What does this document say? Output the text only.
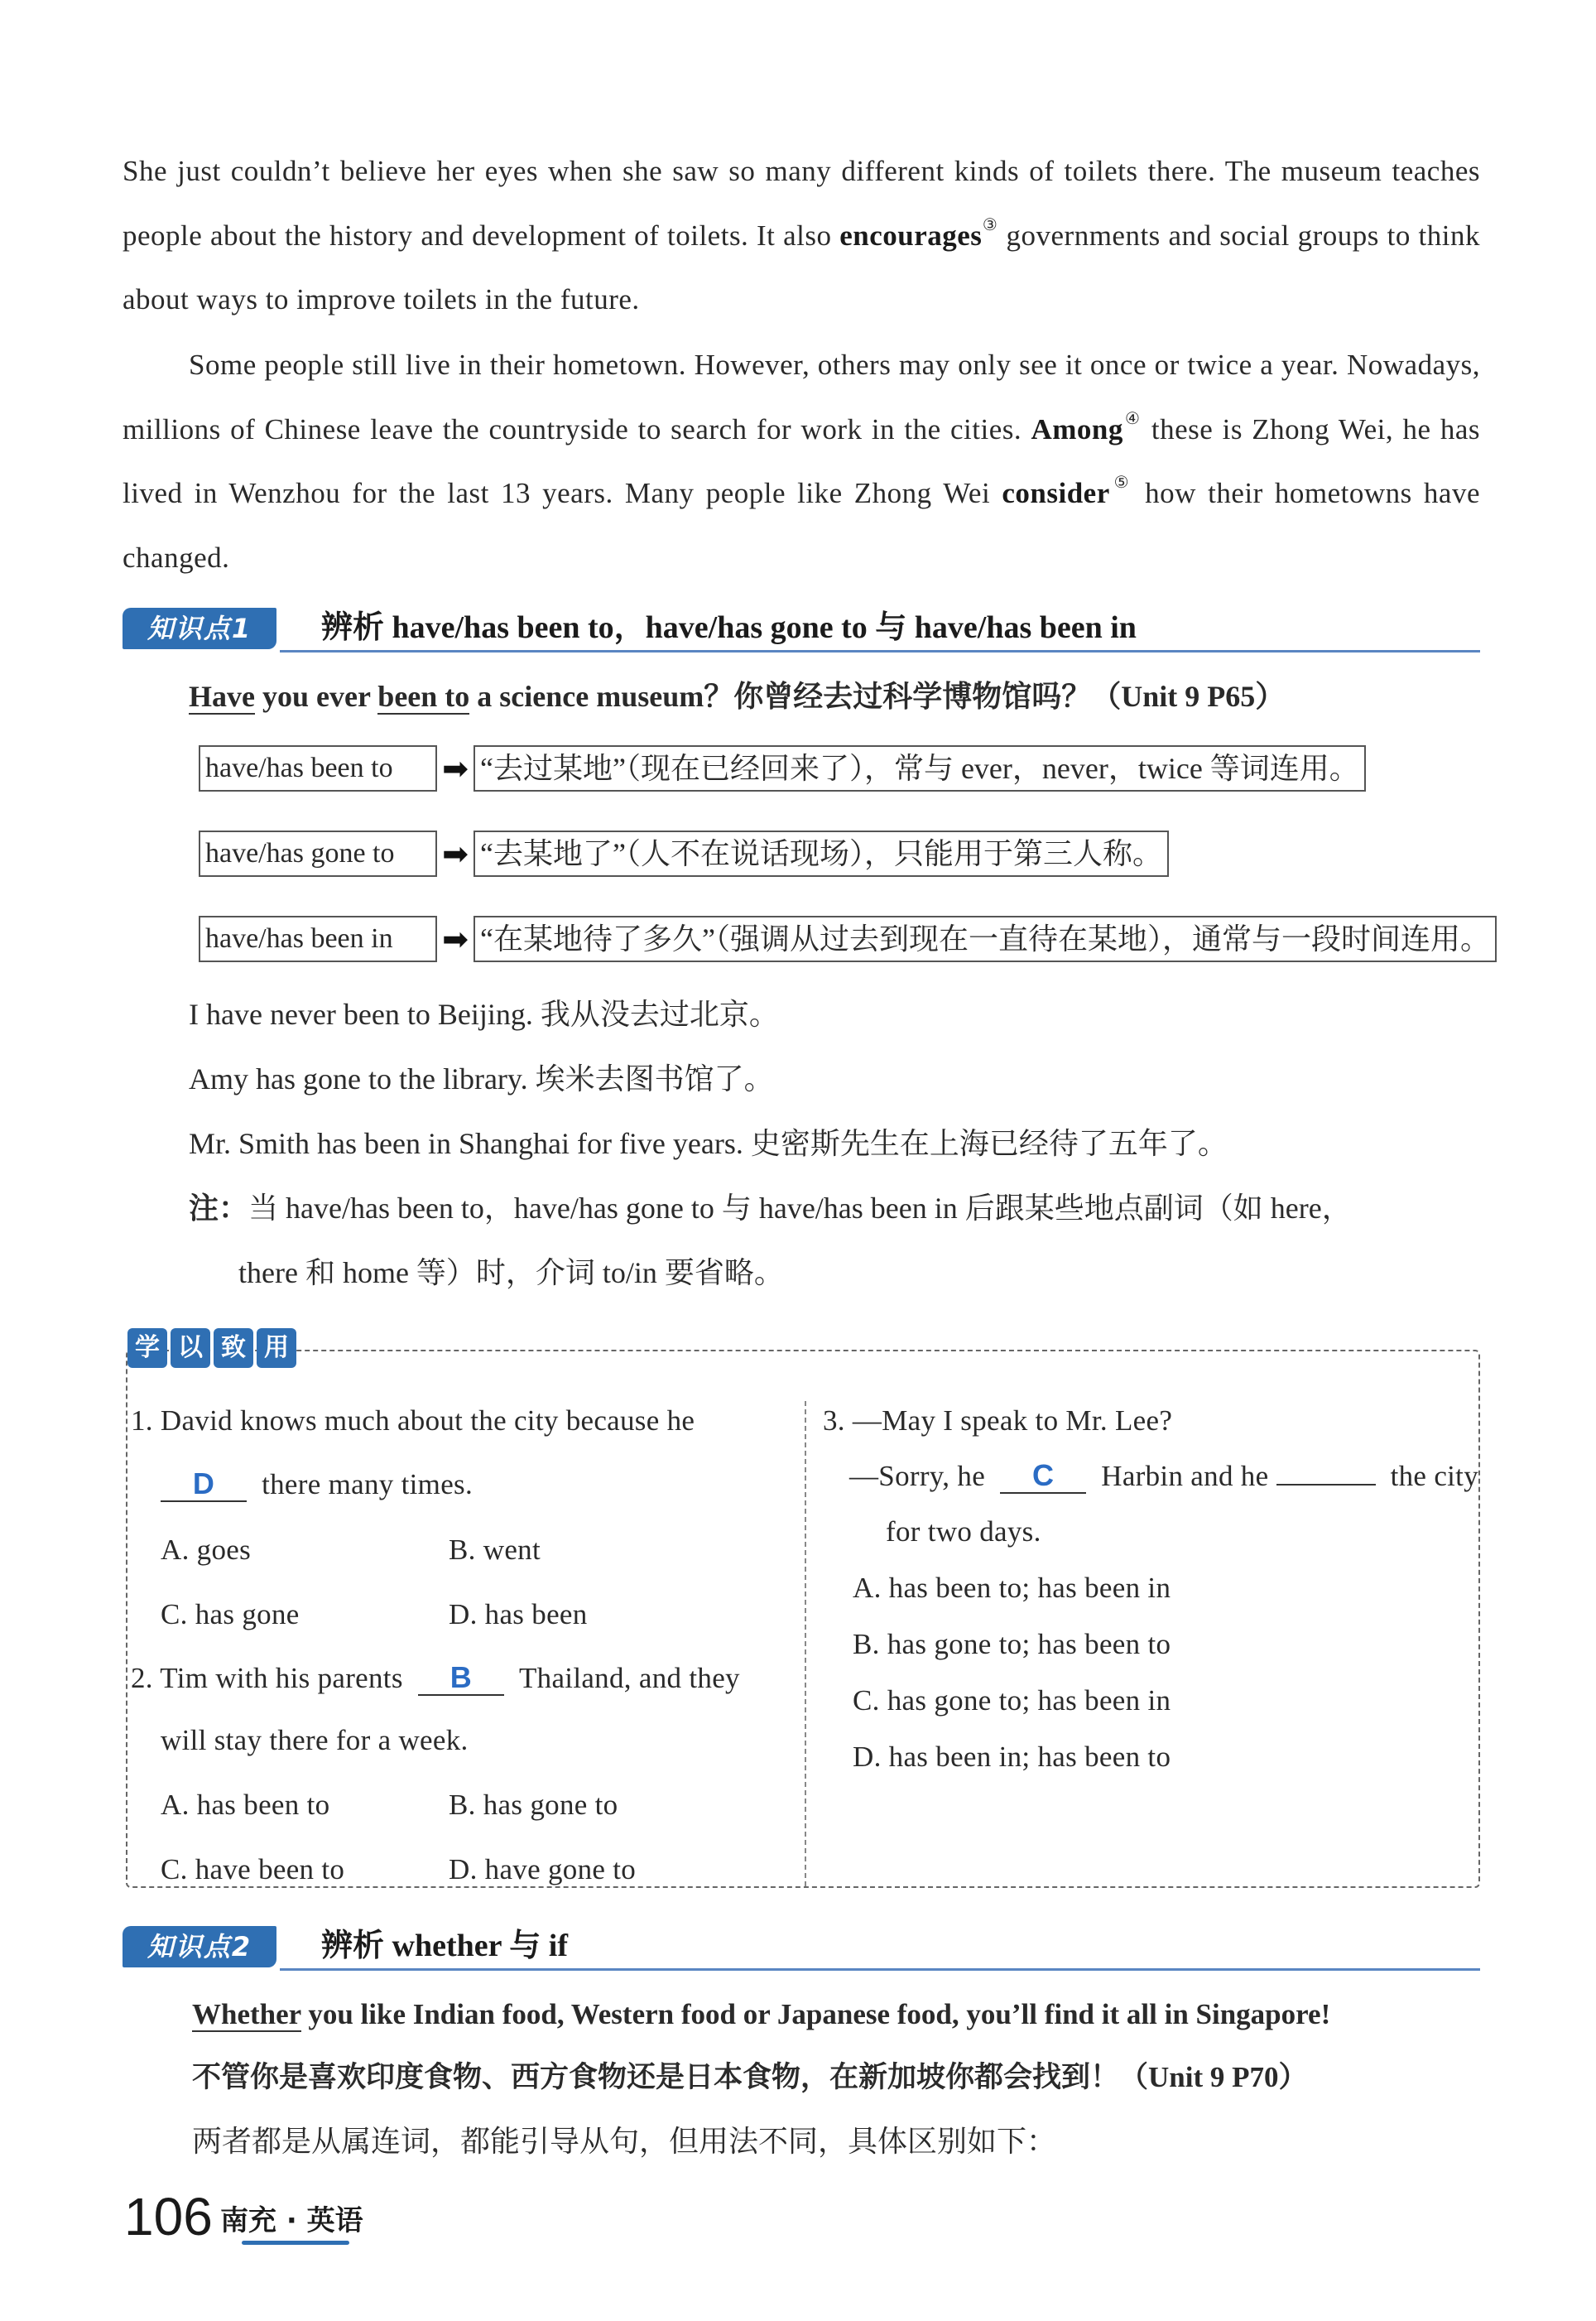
She just couldn’t believe her eyes when she saw so many different kinds of toilets there. The museum teaches people about the history and development of toilets. It also encourages③ governments and social groups to think about ways to improve toilets in the future.
Some people still live in their hometown. However, others may only see it once or twice a year. Nowadays, millions of Chinese leave the countryside to search for work in the cities. Among④ these is Zhong Wei, he has lived in Wenzhou for the last 13 years. Many people like Zhong Wei consider⑤ how their hometowns have changed.
知识点1	辨析 have/has been to，have/has gone to 与 have/has been in
Have you ever been to a science museum？你曾经去过科学博物馆吗？（Unit 9 P65）
have/has been to	➡ “去过某地”（现在已经回来了），常与 ever，never，twice 等词连用。
have/has gone to	➡ “去某地了”（人不在说话现场），只能用于第三人称。
have/has been in	➡ “在某地待了多久”（强调从过去到现在一直待在某地），通常与一段时间连用。
I have never been to Beijing. 我从没去过北京。
Amy has gone to the library. 埃米去图书馆了。
Mr. Smith has been in Shanghai for five years. 史密斯先生在上海已经待了五年了。
注：当 have/has been to，have/has gone to 与 have/has been in 后跟某些地点副词（如 here，
there 和 home 等）时，介词 to/in 要省略。
学 以 致 用
1. David knows much about the city because he
D there many times.
A. goes	B. went
C. has gone	D. has been
2. Tim with his parents B Thailand, and they
will stay there for a week.
A. has been to	B. has gone to
C. have been to	D. have gone to
3. —May I speak to Mr. Lee?
—Sorry, he C Harbin and he	the city
for two days.
A. has been to; has been in
B. has gone to; has been to
C. has gone to; has been in
D. has been in; has been to
知识点2	辨析 whether 与 if
Whether you like Indian food, Western food or Japanese food, you’ll find it all in Singapore!
不管你是喜欢印度食物、西方食物还是日本食物，在新加坡你都会找到！（Unit 9 P70）
两者都是从属连词，都能引导从句，但用法不同，具体区别如下：
106 南充 · 英语
